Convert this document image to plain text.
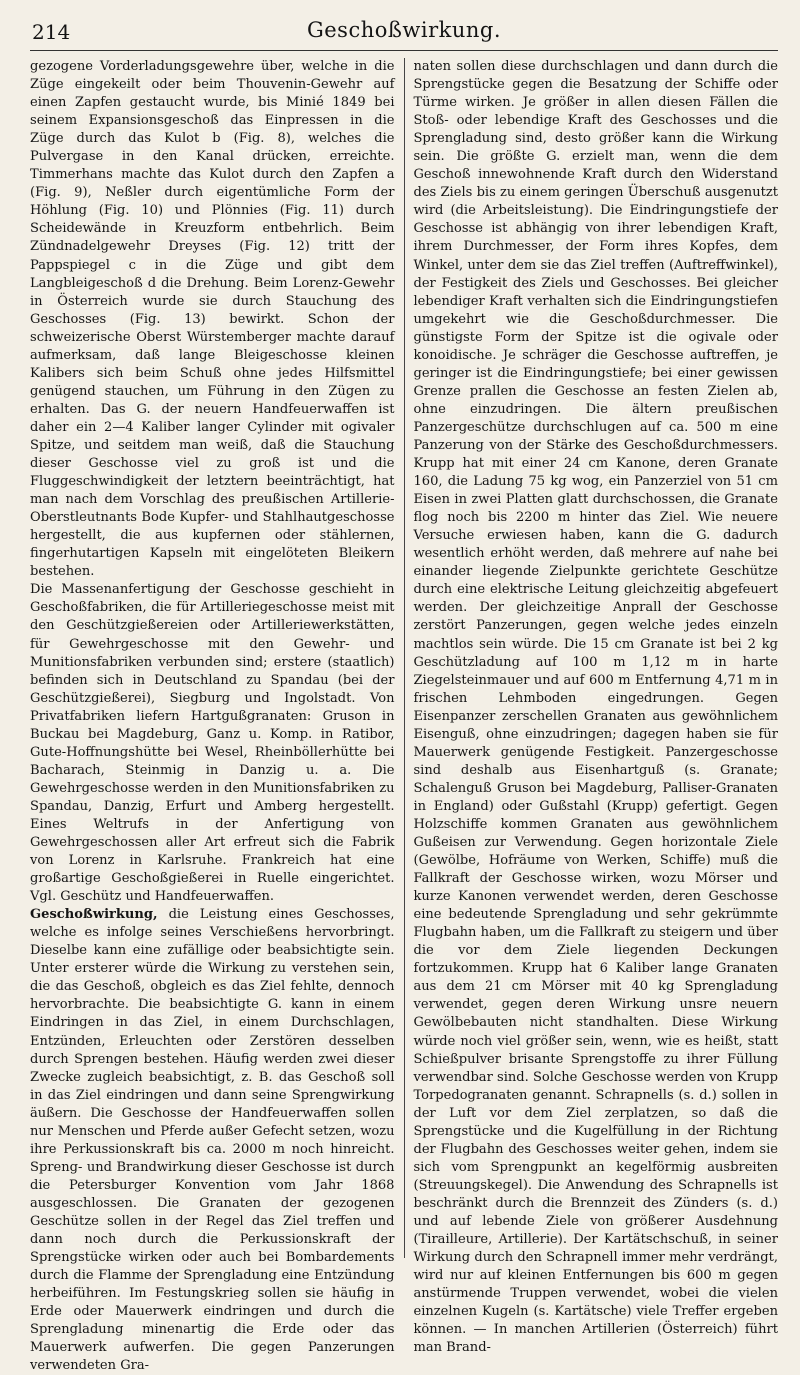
214	Geschoßwirkung.

gezogene Vorderladungsgewehre über, welche in die Züge eingekeilt oder beim Thouvenin-Gewehr auf einen Zapfen gestaucht wurde, bis Minié 1849 bei seinem Expansionsgeschoß das Einpressen in die Züge durch das Kulot b (Fig. 8), welches die Pulvergase in den Kanal drücken, erreichte. Timmerhans machte das Kulot durch den Zapfen a (Fig. 9), Neßler durch eigentümliche Form der Höhlung (Fig. 10) und Plönnies (Fig. 11) durch Scheidewände in Kreuzform entbehrlich. Beim Zündnadelgewehr Dreyses (Fig. 12) tritt der Pappspiegel c in die Züge und gibt dem Langbleigeschoß d die Drehung. Beim Lorenz-Gewehr in Österreich wurde sie durch Stauchung des Geschosses (Fig. 13) bewirkt. Schon der schweizerische Oberst Würstemberger machte darauf aufmerksam, daß lange Bleigeschosse kleinen Kalibers sich beim Schuß ohne jedes Hilfsmittel genügend stauchen, um Führung in den Zügen zu erhalten. Das G. der neuern Handfeuerwaffen ist daher ein 2—4 Kaliber langer Cylinder mit ogivaler Spitze, und seitdem man weiß, daß die Stauchung dieser Geschosse viel zu groß ist und die Fluggeschwindigkeit der letztern beeinträchtigt, hat man nach dem Vorschlag des preußischen Artillerie-Oberstleutnants Bode Kupfer- und Stahlhautgeschosse hergestellt, die aus kupfernen oder stählernen, fingerhutartigen Kapseln mit eingelöteten Bleikern bestehen.

Die Massenanfertigung der Geschosse geschieht in Geschoßfabriken, die für Artilleriegeschosse meist mit den Geschützgießereien oder Artilleriewerkstätten, für Gewehrgeschosse mit den Gewehr- und Munitionsfabriken verbunden sind; erstere (staatlich) befinden sich in Deutschland zu Spandau (bei der Geschützgießerei), Siegburg und Ingolstadt. Von Privatfabriken liefern Hartgußgranaten: Gruson in Buckau bei Magdeburg, Ganz u. Komp. in Ratibor, Gute-Hoffnungshütte bei Wesel, Rheinböllerhütte bei Bacharach, Steinmig in Danzig u. a. Die Gewehrgeschosse werden in den Munitionsfabriken zu Spandau, Danzig, Erfurt und Amberg hergestellt. Eines Weltrufs in der Anfertigung von Gewehrgeschossen aller Art erfreut sich die Fabrik von Lorenz in Karlsruhe. Frankreich hat eine großartige Geschoßgießerei in Ruelle eingerichtet. Vgl. Geschütz und Handfeuerwaffen.

Geschoßwirkung, die Leistung eines Geschosses, welche es infolge seines Verschießens hervorbringt. Dieselbe kann eine zufällige oder beabsichtigte sein. Unter ersterer würde die Wirkung zu verstehen sein, die das Geschoß, obgleich es das Ziel fehlte, dennoch hervorbrachte. Die beabsichtigte G. kann in einem Eindringen in das Ziel, in einem Durchschlagen, Entzünden, Erleuchten oder Zerstören desselben durch Sprengen bestehen. Häufig werden zwei dieser Zwecke zugleich beabsichtigt, z. B. das Geschoß soll in das Ziel eindringen und dann seine Sprengwirkung äußern. Die Geschosse der Handfeuerwaffen sollen nur Menschen und Pferde außer Gefecht setzen, wozu ihre Perkussionskraft bis ca. 2000 m noch hinreicht. Spreng- und Brandwirkung dieser Geschosse ist durch die Petersburger Konvention vom Jahr 1868 ausgeschlossen. Die Granaten der gezogenen Geschütze sollen in der Regel das Ziel treffen und dann noch durch die Perkussionskraft der Sprengstücke wirken oder auch bei Bombardements durch die Flamme der Sprengladung eine Entzündung herbeiführen. Im Festungskrieg sollen sie häufig in Erde oder Mauerwerk eindringen und durch die Sprengladung minenartig die Erde oder das Mauerwerk aufwerfen. Die gegen Panzerungen verwendeten Gra-

naten sollen diese durchschlagen und dann durch die Sprengstücke gegen die Besatzung der Schiffe oder Türme wirken. Je größer in allen diesen Fällen die Stoß- oder lebendige Kraft des Geschosses und die Sprengladung sind, desto größer kann die Wirkung sein. Die größte G. erzielt man, wenn die dem Geschoß innewohnende Kraft durch den Widerstand des Ziels bis zu einem geringen Überschuß ausgenutzt wird (die Arbeitsleistung). Die Eindringungstiefe der Geschosse ist abhängig von ihrer lebendigen Kraft, ihrem Durchmesser, der Form ihres Kopfes, dem Winkel, unter dem sie das Ziel treffen (Auftreffwinkel), der Festigkeit des Ziels und Geschosses. Bei gleicher lebendiger Kraft verhalten sich die Eindringungstiefen umgekehrt wie die Geschoßdurchmesser. Die günstigste Form der Spitze ist die ogivale oder konoidische. Je schräger die Geschosse auftreffen, je geringer ist die Eindringungstiefe; bei einer gewissen Grenze prallen die Geschosse an festen Zielen ab, ohne einzudringen. Die ältern preußischen Panzergeschütze durchschlugen auf ca. 500 m eine Panzerung von der Stärke des Geschoßdurchmessers. Krupp hat mit einer 24 cm Kanone, deren Granate 160, die Ladung 75 kg wog, ein Panzerziel von 51 cm Eisen in zwei Platten glatt durchschossen, die Granate flog noch bis 2200 m hinter das Ziel. Wie neuere Versuche erwiesen haben, kann die G. dadurch wesentlich erhöht werden, daß mehrere auf nahe bei einander liegende Zielpunkte gerichtete Geschütze durch eine elektrische Leitung gleichzeitig abgefeuert werden. Der gleichzeitige Anprall der Geschosse zerstört Panzerungen, gegen welche jedes einzeln machtlos sein würde. Die 15 cm Granate ist bei 2 kg Geschützladung auf 100 m 1,12 m in harte Ziegelsteinmauer und auf 600 m Entfernung 4,71 m in frischen Lehmboden eingedrungen. Gegen Eisenpanzer zerschellen Granaten aus gewöhnlichem Eisenguß, ohne einzudringen; dagegen haben sie für Mauerwerk genügende Festigkeit. Panzergeschosse sind deshalb aus Eisenhartguß (s. Granate; Schalenguß Gruson bei Magdeburg, Palliser-Granaten in England) oder Gußstahl (Krupp) gefertigt. Gegen Holzschiffe kommen Granaten aus gewöhnlichem Gußeisen zur Verwendung. Gegen horizontale Ziele (Gewölbe, Hofräume von Werken, Schiffe) muß die Fallkraft der Geschosse wirken, wozu Mörser und kurze Kanonen verwendet werden, deren Geschosse eine bedeutende Sprengladung und sehr gekrümmte Flugbahn haben, um die Fallkraft zu steigern und über die vor dem Ziele liegenden Deckungen fortzukommen. Krupp hat 6 Kaliber lange Granaten aus dem 21 cm Mörser mit 40 kg Sprengladung verwendet, gegen deren Wirkung unsre neuern Gewölbebauten nicht standhalten. Diese Wirkung würde noch viel größer sein, wenn, wie es heißt, statt Schießpulver brisante Sprengstoffe zu ihrer Füllung verwendbar sind. Solche Geschosse werden von Krupp Torpedogranaten genannt. Schrapnells (s. d.) sollen in der Luft vor dem Ziel zerplatzen, so daß die Sprengstücke und die Kugelfüllung in der Richtung der Flugbahn des Geschosses weiter gehen, indem sie sich vom Sprengpunkt an kegelförmig ausbreiten (Streuungskegel). Die Anwendung des Schrapnells ist beschränkt durch die Brennzeit des Zünders (s. d.) und auf lebende Ziele von größerer Ausdehnung (Tirailleure, Artillerie). Der Kartätschschuß, in seiner Wirkung durch den Schrapnell immer mehr verdrängt, wird nur auf kleinen Entfernungen bis 600 m gegen anstürmende Truppen verwendet, wobei die vielen einzelnen Kugeln (s. Kartätsche) viele Treffer ergeben können. — In manchen Artillerien (Österreich) führt man Brand-
